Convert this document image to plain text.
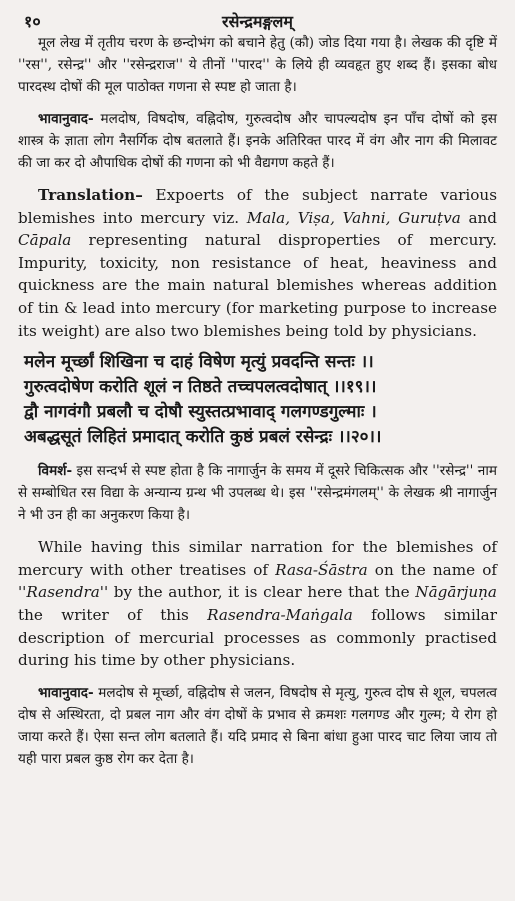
१०	रसेन्द्रमङ्गलम्

मूल लेख में तृतीय चरण के छन्दोभंग को बचाने हेतु (कौ) जोड दिया गया है। लेखक की दृष्टि में ''रस'', रसेन्द्र'' और ''रसेन्द्रराज'' ये तीनों ''पारद'' के लिये ही व्यवहृत हुए शब्द हैं। इसका बोध पारदस्थ दोषों की मूल पाठोक्त गणना से स्पष्ट हो जाता है।

भावानुवाद- मलदोष, विषदोष, वह्निदोष, गुरुत्वदोष और चापल्यदोष इन पाँच दोषों को इस शास्त्र के ज्ञाता लोग नैसर्गिक दोष बतलाते हैं। इनके अतिरिक्त पारद में वंग और नाग की मिलावट की जा कर दो औपाधिक दोषों की गणना को भी वैद्यगण कहते हैं।

Translation– Expoerts of the subject narrate various blemishes into mercury viz. Mala, Viṣa, Vahni, Guruṭva and Cāpala representing natural disproperties of mercury. Impurity, toxicity, non resistance of heat, heaviness and quickness are the main natural blemishes whereas addition of tin & lead into mercury (for marketing purpose to increase its weight) are also two blemishes being told by physicians.

मलेन मूर्च्छां शिखिना च दाहं विषेण मृत्युं प्रवदन्ति सन्तः ।।
गुरुत्वदोषेण करोति शूलं न तिष्ठते तच्चपलत्वदोषात् ।।१९।।
द्वौ नागवंगौ प्रबलौ च दोषौ स्युस्तत्प्रभावाद् गलगण्डगुल्माः ।
अबद्धसूतं लिहितं प्रमादात् करोति कुष्ठं प्रबलं रसेन्द्रः ।।२०।।

विमर्श- इस सन्दर्भ से स्पष्ट होता है कि नागार्जुन के समय में दूसरे चिकित्सक और ''रसेन्द्र'' नाम से सम्बोधित रस विद्या के अन्यान्य ग्रन्थ भी उपलब्ध थे। इस ''रसेन्द्रमंगलम्'' के लेखक श्री नागार्जुन ने भी उन ही का अनुकरण किया है।

While having this similar narration for the blemishes of mercury with other treatises of Rasa-Śāstra on the name of ''Rasendra'' by the author, it is clear here that the Nāgārjuṇa the writer of this Rasendra-Maṅgala follows similar description of mercurial processes as commonly practised during his time by other physicians.

भावानुवाद- मलदोष से मूर्च्छा, वह्निदोष से जलन, विषदोष से मृत्यु, गुरुत्व दोष से शूल, चपलत्व दोष से अस्थिरता, दो प्रबल नाग और वंग दोषों के प्रभाव से क्रमशः गलगण्ड और गुल्म; ये रोग हो जाया करते हैं। ऐसा सन्त लोग बतलाते हैं। यदि प्रमाद से बिना बांधा हुआ पारद चाट लिया जाय तो यही पारा प्रबल कुष्ठ रोग कर देता है।
